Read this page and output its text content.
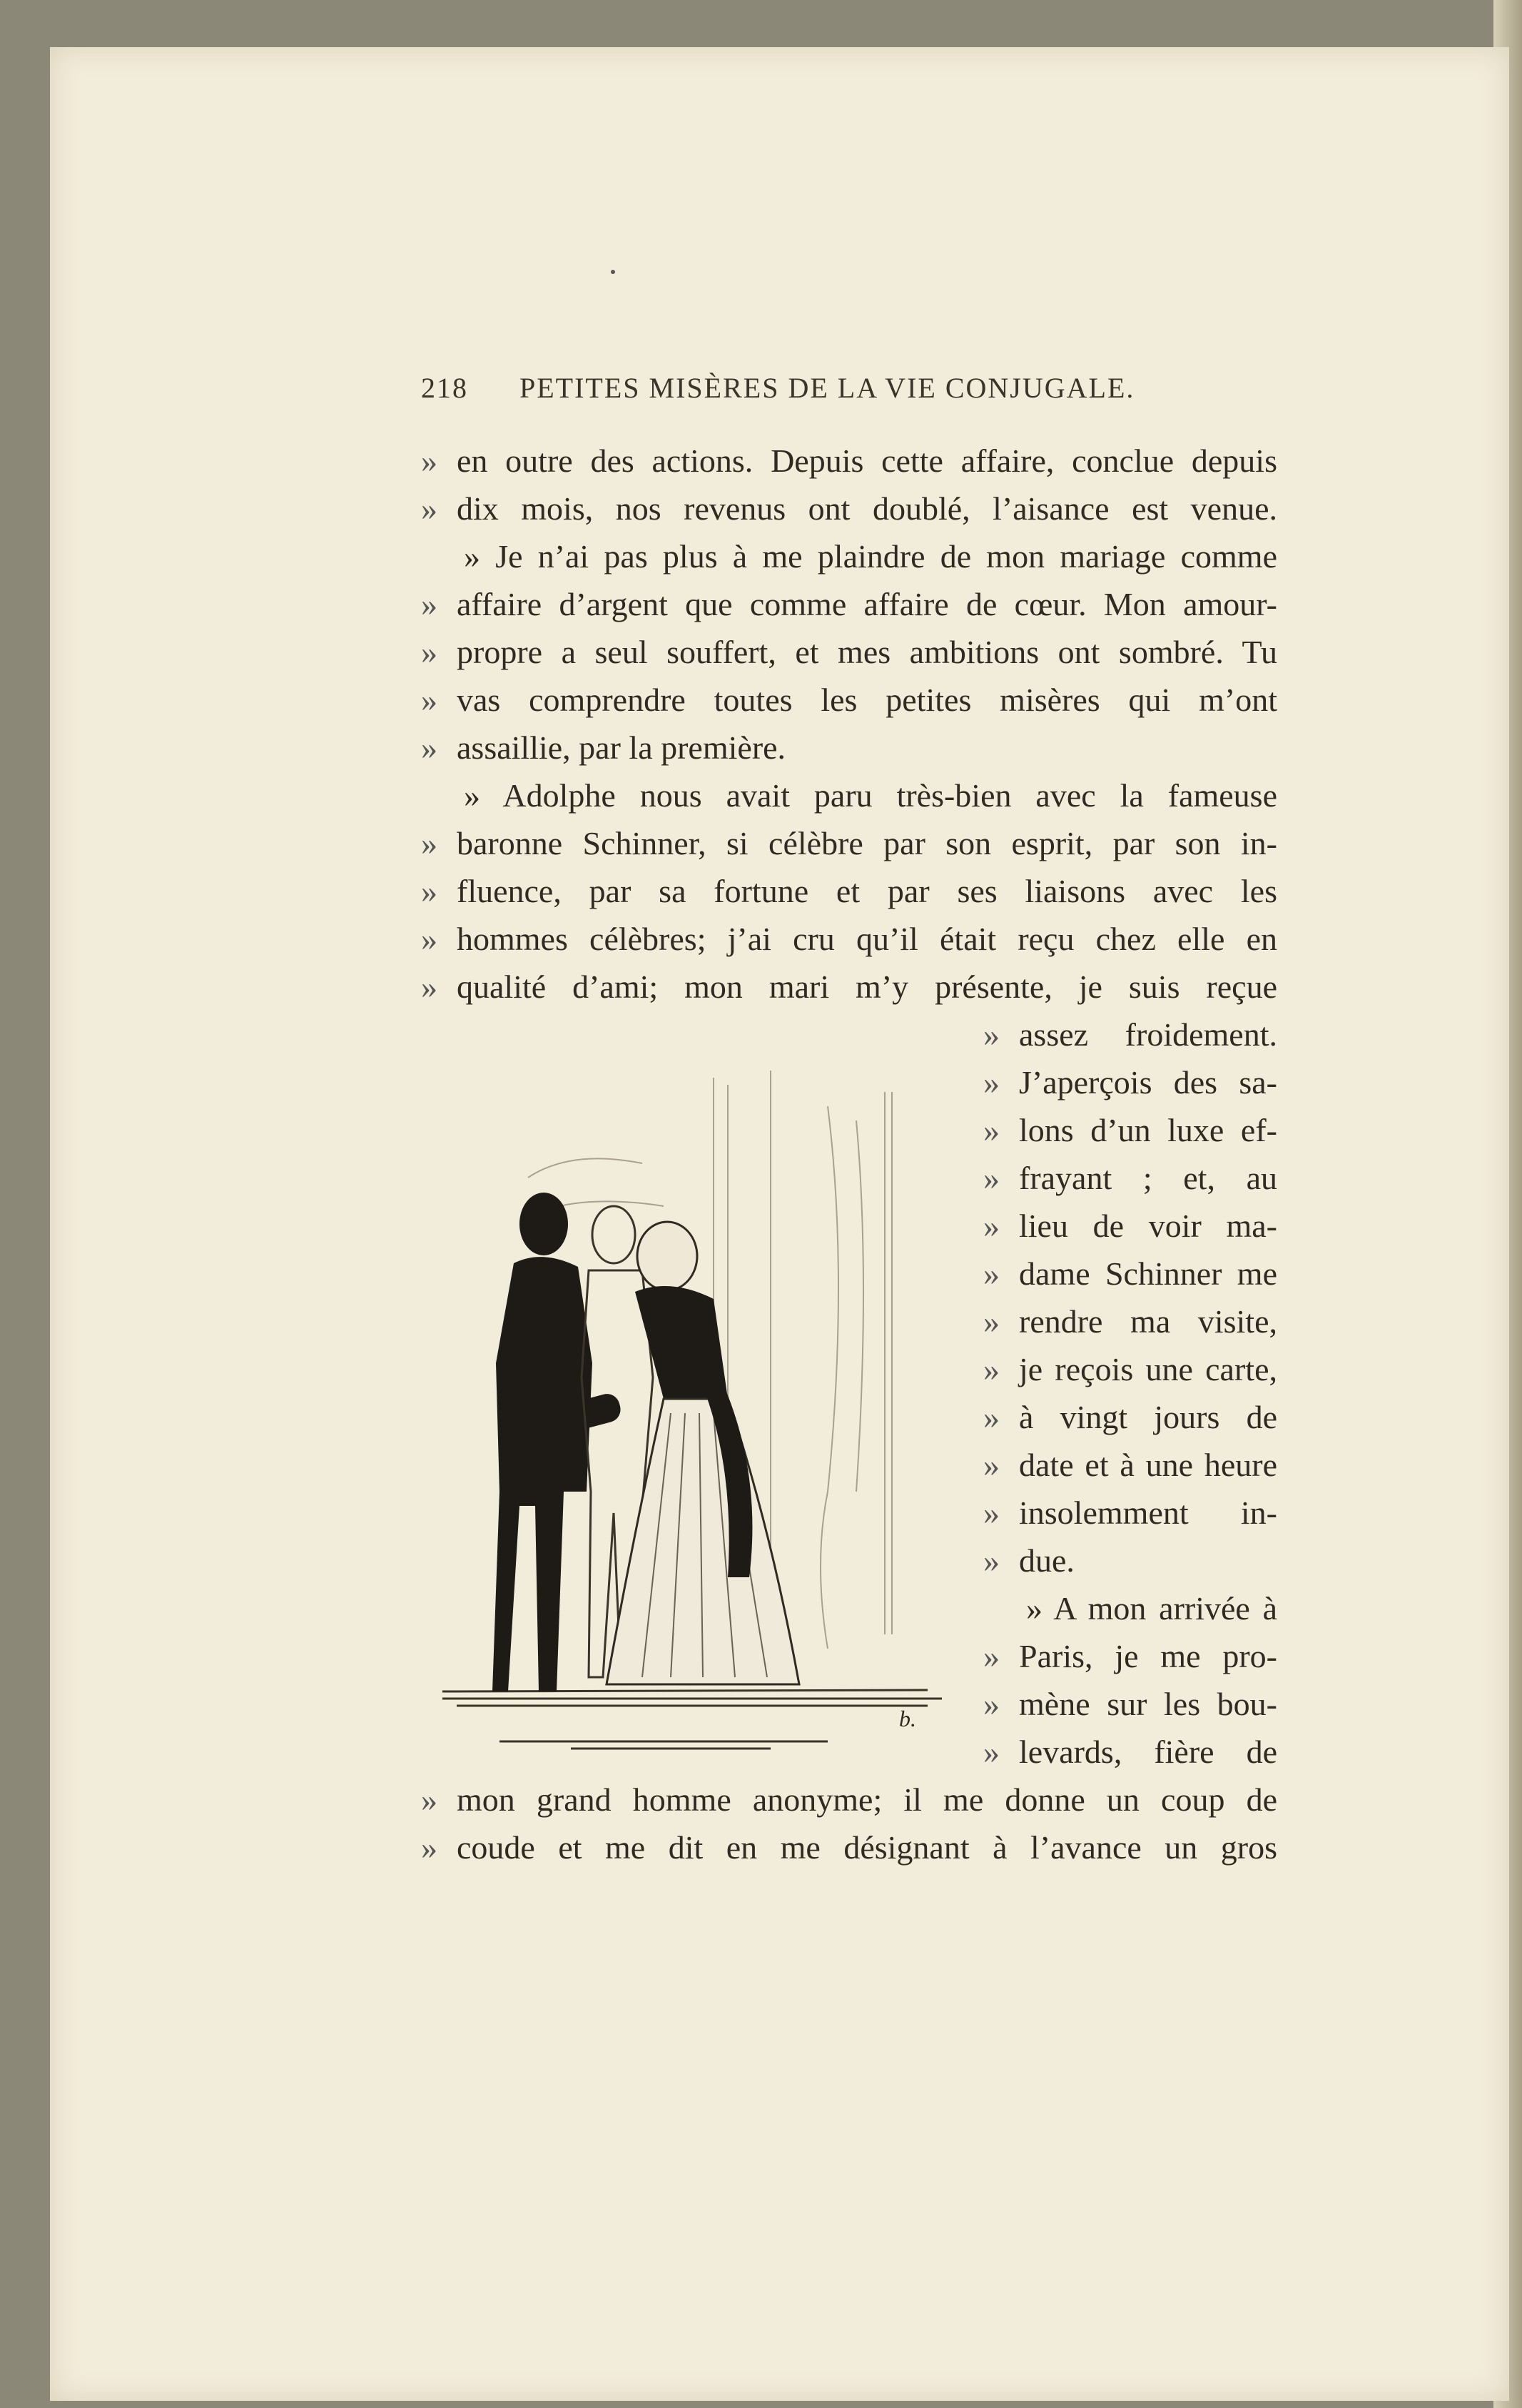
218 PETITES MISÈRES DE LA VIE CONJUGALE.
» en outre des actions. Depuis cette affaire, conclue depuis
» dix mois, nos revenus ont doublé, l’aisance est venue.
» Je n’ai pas plus à me plaindre de mon mariage comme
» affaire d’argent que comme affaire de cœur. Mon amour-
» propre a seul souffert, et mes ambitions ont sombré. Tu
» vas comprendre toutes les petites misères qui m’ont
» assaillie, par la première.
» Adolphe nous avait paru très-bien avec la fameuse
» baronne Schinner, si célèbre par son esprit, par son in-
» fluence, par sa fortune et par ses liaisons avec les
» hommes célèbres; j’ai cru qu’il était reçu chez elle en
» qualité d’ami; mon mari m’y présente, je suis reçue
» assez froidement.
» J’aperçois des sa-
» lons d’un luxe ef-
» frayant ; et, au
» lieu de voir ma-
» dame Schinner me
» rendre ma visite,
» je reçois une carte,
» à vingt jours de
» date et à une heure
» insolemment in-
» due.
» A mon arrivée à
» Paris, je me pro-
» mène sur les bou-
» levards, fière de
» mon grand homme anonyme; il me donne un coup de
» coude et me dit en me désignant à l’avance un gros
b.
